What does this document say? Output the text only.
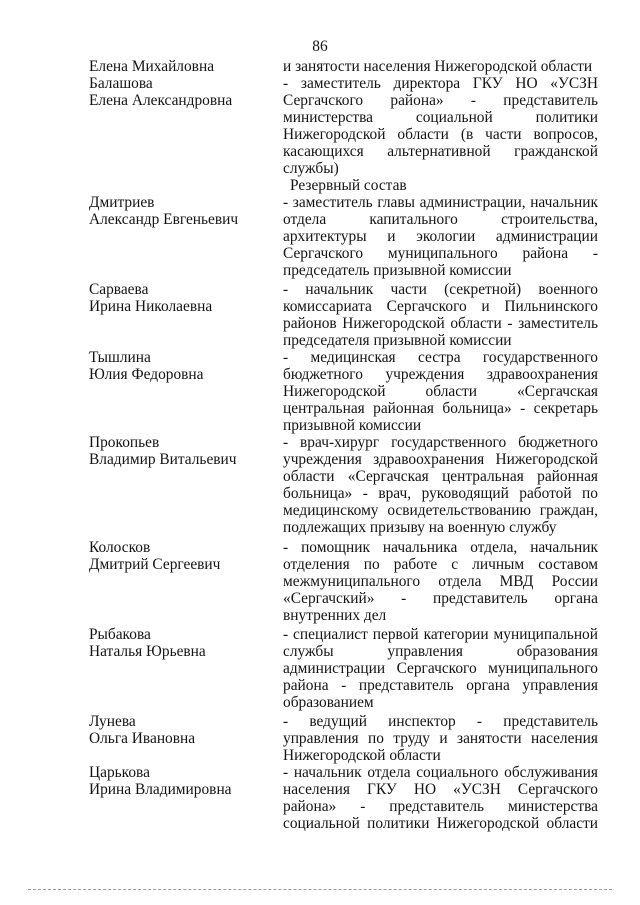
86
Елена Михайловна	и занятости населения Нижегородской области
Балашова	- заместитель директора ГКУ НО «УСЗН
Елена Александровна	Сергачского района» - представитель
министерства социальной политики
Нижегородской области (в части вопросов,
касающихся альтернативной гражданской
службы)
Резервный состав
Дмитриев	- заместитель главы администрации, начальник
Александр Евгеньевич	отдела капитального строительства,
архитектуры и экологии администрации
Сергачского муниципального района -
председатель призывной комиссии
Сарваева	- начальник части (секретной) военного
Ирина Николаевна	комиссариата Сергачского и Пильнинского
районов Нижегородской области - заместитель
председателя призывной комиссии
Тышлина	- медицинская сестра государственного
Юлия Федоровна	бюджетного учреждения здравоохранения
Нижегородской области «Сергачская
центральная районная больница» - секретарь
призывной комиссии
Прокопьев	- врач-хирург государственного бюджетного
Владимир Витальевич	учреждения здравоохранения Нижегородской
области «Сергачская центральная районная
больница» - врач, руководящий работой по
медицинскому освидетельствованию граждан,
подлежащих призыву на военную службу
Колосков	- помощник начальника отдела, начальник
Дмитрий Сергеевич	отделения по работе с личным составом
межмуниципального отдела МВД России
«Сергачский» - представитель органа
внутренних дел
Рыбакова	- специалист первой категории муниципальной
Наталья Юрьевна	службы управления образования
администрации Сергачского муниципального
района - представитель органа управления
образованием
Лунева	- ведущий инспектор - представитель
Ольга Ивановна	управления по труду и занятости населения
Нижегородской области
Царькова	- начальник отдела социального обслуживания
Ирина Владимировна	населения ГКУ НО «УСЗН Сергачского
района» - представитель министерства
социальной политики Нижегородской области
